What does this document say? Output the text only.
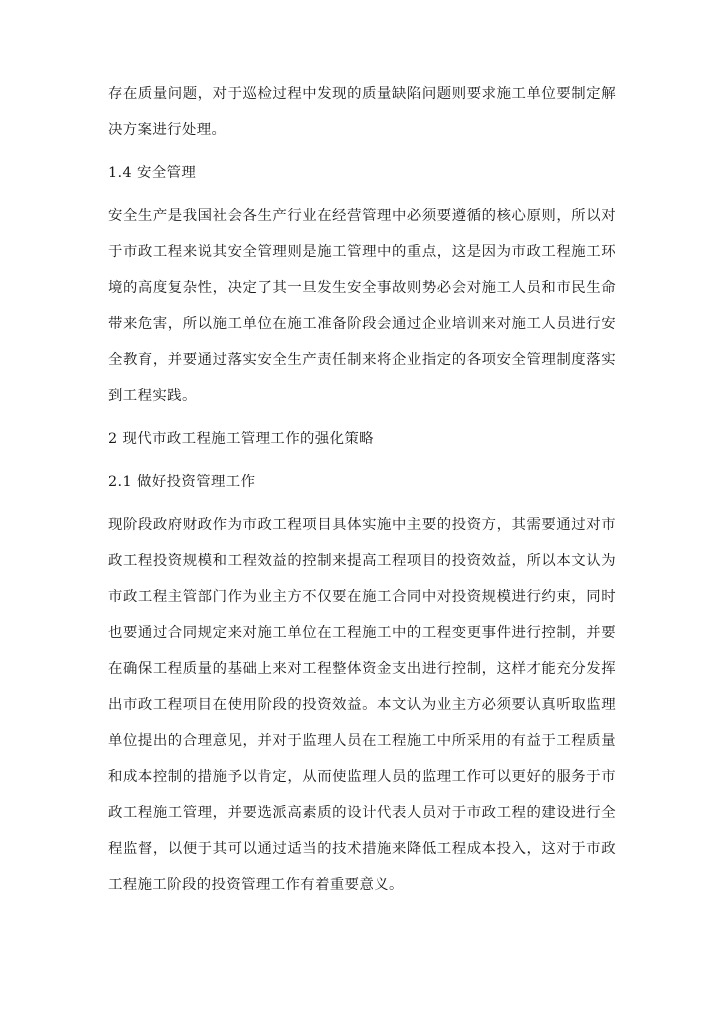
存在质量问题，对于巡检过程中发现的质量缺陷问题则要求施工单位要制定解决方案进行处理。

1.4 安全管理

安全生产是我国社会各生产行业在经营管理中必须要遵循的核心原则，所以对于市政工程来说其安全管理则是施工管理中的重点，这是因为市政工程施工环境的高度复杂性，决定了其一旦发生安全事故则势必会对施工人员和市民生命带来危害，所以施工单位在施工准备阶段会通过企业培训来对施工人员进行安全教育，并要通过落实安全生产责任制来将企业指定的各项安全管理制度落实到工程实践。

2 现代市政工程施工管理工作的强化策略

2.1 做好投资管理工作

现阶段政府财政作为市政工程项目具体实施中主要的投资方，其需要通过对市政工程投资规模和工程效益的控制来提高工程项目的投资效益，所以本文认为市政工程主管部门作为业主方不仅要在施工合同中对投资规模进行约束，同时也要通过合同规定来对施工单位在工程施工中的工程变更事件进行控制，并要在确保工程质量的基础上来对工程整体资金支出进行控制，这样才能充分发挥出市政工程项目在使用阶段的投资效益。本文认为业主方必须要认真听取监理单位提出的合理意见，并对于监理人员在工程施工中所采用的有益于工程质量和成本控制的措施予以肯定，从而使监理人员的监理工作可以更好的服务于市政工程施工管理，并要选派高素质的设计代表人员对于市政工程的建设进行全程监督，以便于其可以通过适当的技术措施来降低工程成本投入，这对于市政工程施工阶段的投资管理工作有着重要意义。
